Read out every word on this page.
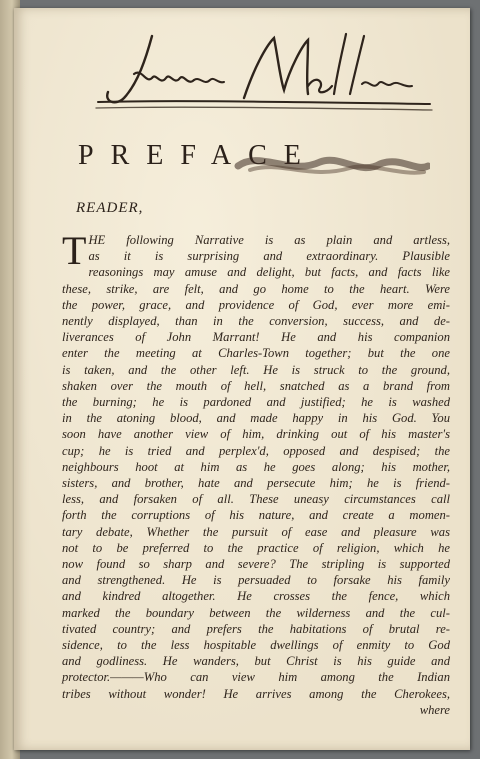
PREFACE
READER,
T HE following Narrative is as plain and artless,
as it is surprising and extraordinary. Plausible
reasonings may amuse and delight, but facts, and facts like
these, strike, are felt, and go home to the heart. Were
the power, grace, and providence of God, ever more emi-
nently displayed, than in the conversion, success, and de-
liverances of John Marrant! He and his companion
enter the meeting at Charles-Town together; but the one
is taken, and the other left. He is struck to the ground,
shaken over the mouth of hell, snatched as a brand from
the burning; he is pardoned and justified; he is washed
in the atoning blood, and made happy in his God. You
soon have another view of him, drinking out of his master's
cup; he is tried and perplex'd, opposed and despised; the
neighbours hoot at him as he goes along; his mother,
sisters, and brother, hate and persecute him; he is friend-
less, and forsaken of all. These uneasy circumstances call
forth the corruptions of his nature, and create a momen-
tary debate, Whether the pursuit of ease and pleasure was
not to be preferred to the practice of religion, which he
now found so sharp and severe? The stripling is supported
and strengthened. He is persuaded to forsake his family
and kindred altogether. He crosses the fence, which
marked the boundary between the wilderness and the cul-
tivated country; and prefers the habitations of brutal re-
sidence, to the less hospitable dwellings of enmity to God
and godliness. He wanders, but Christ is his guide and
protector.———Who can view him among the Indian
tribes without wonder! He arrives among the Cherokees,
where
